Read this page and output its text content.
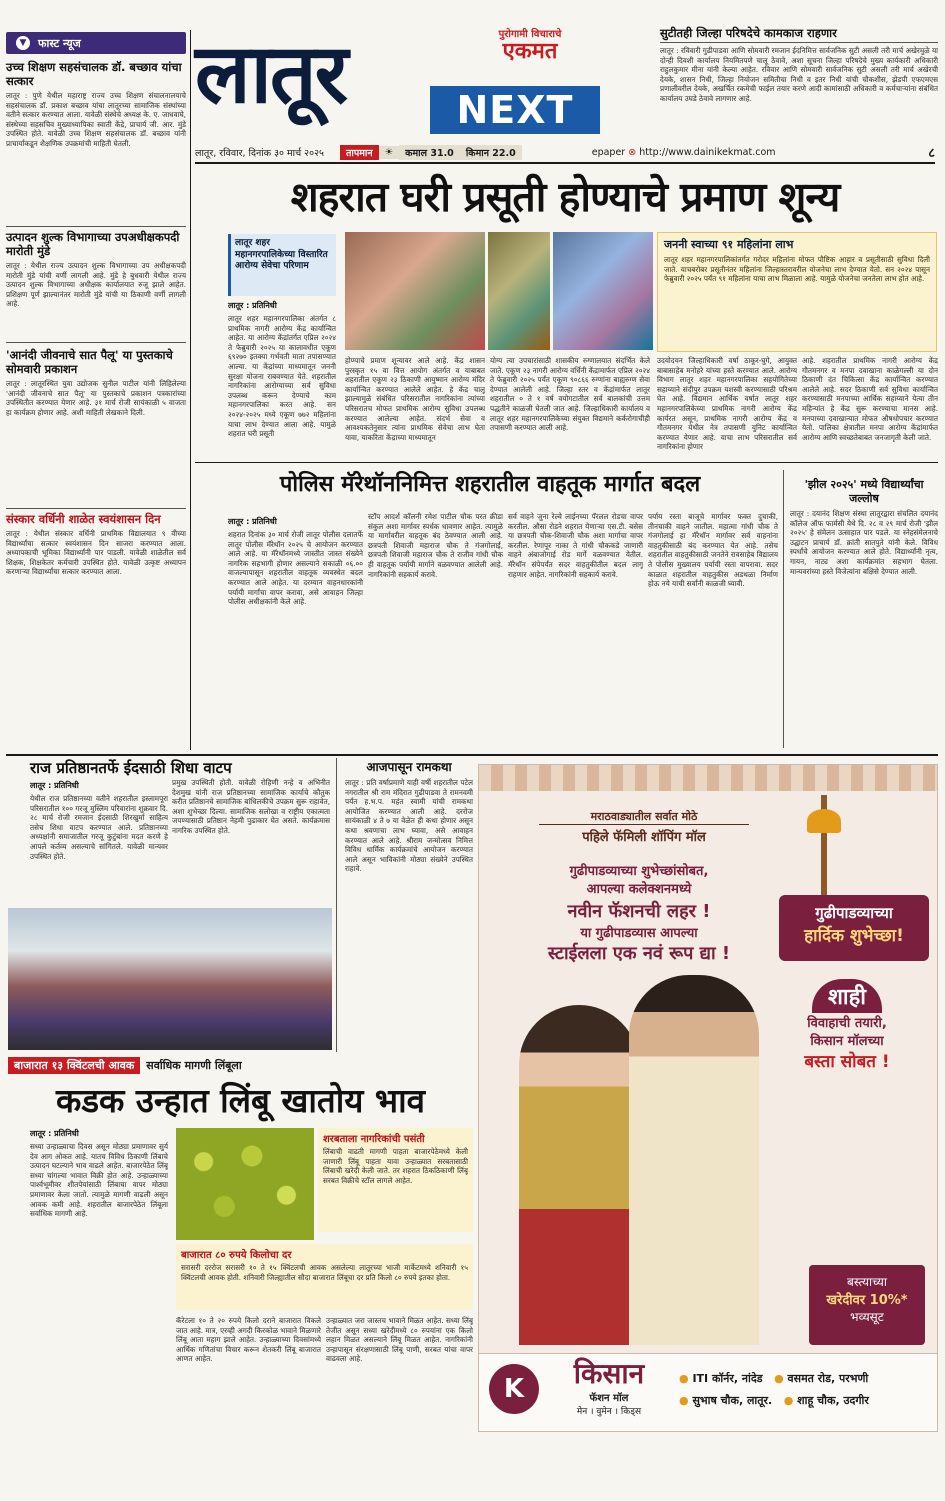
▼	फास्ट न्यूज
उच्च शिक्षण सहसंचालक डॉ. बच्छाव यांचा सत्कार
लातूर : पुणे येथील महाराष्ट्र राज्य उच्च शिक्षण संचालनालयाचे सहसंचालक डॉ. प्रकाश बच्छाव यांचा लातूरच्या सामाजिक संस्थांच्या वतीने सत्कार करण्यात आला. यावेळी संस्थेचे अध्यक्ष के. ए. जाधवाघे, संस्थेच्या सहसचिव मुख्याध्यापिका स्वाती केंद्रे, प्राचार्य जी. आर. मुंडे उपस्थित होते. यावेळी उच्च शिक्षण सहसंचालक डॉ. बच्छाव यांनी प्राचार्यांकडून शैक्षणिक उपक्रमांची माहिती घेतली.
उत्पादन शुल्क विभागाच्या उपअधीक्षकपदी मारोती मुंडे
लातूर : येथील राज्य उत्पादन शुल्क विभागाच्या उप अधीक्षकपदी मारोती मुंडे यांची वर्णी लागली आहे. मुंडे हे बुधवारी येथील राज्य उत्पादन शुल्क विभागाच्या अधीक्षक कार्यालयात रुजू झाले आहेत. प्रशिक्षण पूर्ण झाल्यानंतर मारोती मुंडे यांची या ठिकाणी वर्णी लागली आहे.
'आनंदी जीवनाचे सात पैलू' या पुस्तकाचे सोमवारी प्रकाशन
लातूर : लातूरस्थित युवा उद्योजक सुनील पाटील यांनी लिहिलेल्या 'आनंदी जीवनाचे सात पैलू' या पुस्तकाचे प्रकाशन पत्रकारांच्या उपस्थितीत करण्यात येणार आहे. ३१ मार्च रोजी सायंकाळी ५ वाजता हा कार्यक्रम होणार आहे. अशी माहिती लेखकाने दिली.
संस्कार वर्धिनी शाळेत स्वयंशासन दिन
लातूर : येथील संस्कार वर्धिनी प्राथमिक विद्यालयात ९ वीच्या विद्यार्थ्यांचा सत्कार स्वयंशासन दिन साजरा करण्यात आला. अध्यापकाची भूमिका विद्यार्थ्यांनी पार पाडली. यावेळी शाळेतील सर्व शिक्षक, शिक्षकेतर कर्मचारी उपस्थित होते. यावेळी उत्कृष्ट अध्यापन करणाऱ्या विद्यार्थ्यांचा सत्कार करण्यात आला.
लातूर	पुरोगामी विचाराचे
एकमत
NEXT
लातूर, रविवार, दिनांक ३० मार्च २०२५	तापमान	☀	कमाल 31.0	किमान 22.0	epaper ⊗ http://www.dainikekmat.com	८
सुटीतही जिल्हा परिषदेचे कामकाज राहणार
लातूर : रविवारी गुढीपाडवा आणि सोमवारी रमजान ईदनिमित्त सार्वजनिक सुटी असली तरी मार्च अखेरमुळे या दोन्ही दिवशी कार्यालय नियमितपणे चालू ठेवावे, अशा सूचना जिल्हा परिषदेचे मुख्य कार्यकारी अधिकारी राहुलकुमार मीना यांनी केल्या आहेत. रविवार आणि सोमवारी सार्वजनिक सुटी असली तरी मार्च अखेरची देयके, शासन निधी, जिल्हा नियोजन समितीचा निधी व इतर निधी यांची चौकशीस, झेडपी एफएमएस प्रणालीवरील देयके, अखर्चित रकमेची फाईल तयार करणे आदी कामांसाठी अधिकारी व कर्मचाऱ्यांना संबंधित कार्यालय उघडे ठेवावे लागणार आहे.
शहरात घरी प्रसूती होण्याचे प्रमाण शून्य
लातूर शहर महानगरपालिकेच्या विस्तारित आरोग्य सेवेचा परिणाम
जननी स्वाच्या ९१ महिलांना लाभ
लातूर शहर महानगरपालिकांतर्गत गरोदर महिलांना मोफत पौष्टिक आहार व प्रसूतीसाठी सुविधा दिली जाते. याचबरोबर प्रसूतीनंतर महिलांना जिल्हास्तरावरील योजनेचा लाभ देण्यात येतो. सन २०२४ पासून फेब्रुवारी २०२५ पर्यंत ९१ महिलांना याचा लाभ मिळाला आहे. यामुळे योजनेचा जनतेला लाभ होत आहे.
लातूर : प्रतिनिधी
लातूर शहर महानगरपालिका अंतर्गत ८ प्राथमिक नागरी आरोग्य केंद्र कार्यान्वित आहेत. या आरोग्य केंद्रांतर्गत एप्रिल २०२४ ते फेब्रुवारी २०२५ या कालावधीत एकूण ६९२७० इतक्या गर्भवती माता तपासण्यात आल्या. या केंद्रांच्या माध्यमातून जननी सुरक्षा योजना राबवण्यात येते. शहरातील नागरिकांना आरोग्याच्या सर्व सुविधा उपलब्ध करून देण्याचे काम महानगरपालिका करत आहे. सन २०२४-२०२५ मध्ये एकूण ७७२ महिलांना याचा लाभ देण्यात आला आहे. यामुळे शहरात घरी प्रसूती
होण्याचे प्रमाण शून्यावर आले आहे. केंद्र शासन पुरस्कृत १५ वा वित्त आयोग अंतर्गत व याबाबत शहरातील एकूण २३ ठिकाणी आयुष्मान आरोग्य मंदिर कार्यान्वित करण्यात आलेले आहेत. हे केंद्र चालू झाल्यामुळे संबंधित परिसरातील नागरिकांना त्यांच्या परिसरातच मोफत प्राथमिक आरोग्य सुविधा उपलब्ध करण्यात आलेल्या आहेत. संदर्भ सेवा व आवश्यकतेनुसार त्यांना प्राथमिक सेवेचा लाभ घेता यावा, याकरिता केंद्राच्या माध्यमातून
योग्य त्या उपचारांसाठी शासकीय रुग्णालयात संदर्भित केले जाते. एकूण २३ नागरी आरोग्य वर्धिनी केंद्रामार्फत एप्रिल २०२४ ते फेब्रुवारी २०२५ पर्यंत एकूण ९०८६६ रुग्णांना बाह्यरुग्ण सेवा देण्यात आलेली आहे. जिल्हा स्तर व केंद्रांमार्फत लातूर शहरातील ० ते १ वर्ष वयोगटातील सर्व बालकांची उत्तम पद्धतीने काळजी घेतली जात आहे. जिल्हाधिकारी कार्यालय व लातूर शहर महानगरपालिकेच्या संयुक्त विद्यमाने कर्करोगाचीही तपासणी करण्यात आली आहे.
उदयोदयन जिल्हाधिकारी वर्षा ठाकूर-घुगे, आयुक्त बाबासाहेब मनोहरे यांच्या हस्ते करण्यात आले. आरोग्य विभाग लातूर शहर महानगरपालिका सहयोगितेच्या सहाय्याने संदीपुर उपक्रम यशस्वी करण्यासाठी परिश्रम घेत आहे. विद्यमान आर्थिक वर्षात लातूर शहर महानगरपालिकेच्या प्राथमिक नागरी आरोग्य केंद्र कार्यरत असून, प्राथमिक नागरी आरोग्य केंद्र व गौतमनगर येथील नेत्र तपासणी युनिट कार्यान्वित करण्यात येणार आहे. याचा लाभ परिसरातील सर्व नागरिकांना होणार
आहे. शहरातील प्राथमिक नागरी आरोग्य केंद्र गौतमनगर व मनपा दवाखाना काळेगल्ली या दोन ठिकाणी दंत चिकित्सा केंद्र कार्यान्वित करण्यात आलेले आहे. सदर ठिकाणी सर्व सुविधा कार्यान्वित करण्यासाठी मनपाच्या आर्थिक सहाय्याने येत्या तीन महिन्यांत हे केंद्र सुरू करण्याचा मानस आहे. मनपाच्या दवाखान्यात मोफत औषधोपचार करण्यात येतो. पालिका क्षेत्रातील मनपा आरोग्य केंद्रांमार्फत आरोग्य आणि स्वच्छतेबाबत जनजागृती केली जाते.
पोलिस मॅरेथॉननिमित्त शहरातील वाहतूक मार्गात बदल
लातूर : प्रतिनिधी
शहरात दिनांक ३० मार्च रोजी लातूर पोलीस दलातर्फे लातूर पोलीस मॅरेथॉन २०२५ चे आयोजन करण्यात आले आहे. या मॅरेथॉनमध्ये जास्तीत जास्त संख्येने नागरिक सहभागी होणार असल्याने सकाळी ०६.०० वाजल्यापासून शहरातील वाहतूक व्यवस्थेत बदल करण्यात आले आहेत. या दरम्यान वाहनधारकांनी पर्यायी मार्गांचा वापर करावा, असे आवाहन जिल्हा पोलीस अधीक्षकांनी केले आहे.
स्टॉप आदर्श कॉलनी रमेश पाटील चौक परत क्रीडा संकुल अशा मार्गावर स्पर्धक धावणार आहेत. त्यामुळे या मार्गावरील वाहतूक बंद ठेवण्यात आली आहे. छत्रपती शिवाजी महाराज चौक ते गंजगोलाई, छत्रपती शिवाजी महाराज चौक ते राजीव गांधी चौक ही वाहतूक पर्यायी मार्गाने वळवण्यात आलेली आहे. नागरिकांनी सहकार्य करावे.
सर्व वाहने जुना रेल्वे लाईनच्या पॅरलल रोडचा वापर करतील. औसा रोडने शहरात येणाऱ्या एस.टी. बसेस या छत्रपती चौक-शिवाजी चौक अशा मार्गाचा वापर करतील. रेणापूर नाका ते गांधी चौककडे जाणारी वाहने अंबाजोगाई रोड मार्गे वळवण्यात येतील. मॅरेथॉन संपेपर्यंत सदर वाहतुकीतील बदल लागू राहणार आहेत. नागरिकांनी सहकार्य करावे.
पर्याय रस्ता बाजूचे मार्गावर फक्त दुचाकी, तीनचाकी वाहने जातील. महात्मा गांधी चौक ते गंजगोलाई हा मॅरेथॉन मार्गावर सर्व वाहनांना वाहतुकीसाठी बंद करण्यात येत आहे. तसेच शहरातील वाहतुकीसाठी जनतेने रावसाहेब विद्यालय ते पोलीस मुख्यालय पर्यायी रस्ता वापरावा. सदर काळात शहरातील वाहतुकीस अडथळा निर्माण होऊ नये याची सर्वांनी काळजी घ्यावी.
'झील २०२५' मध्ये विद्यार्थ्यांचा जल्लोष
लातूर : दयानंद शिक्षण संस्था लातूरद्वारा संचलित दयानंद कॉलेज ऑफ फार्मसी येथे दि. २८ व २९ मार्च रोजी 'झील २०२५' हे संमेलन उत्साहात पार पडले. या स्नेहसंमेलनाचे उद्घाटन प्राचार्य डॉ. क्रांती सातपुते यांनी केले. विविध स्पर्धांचे आयोजन करण्यात आले होते. विद्यार्थ्यांनी नृत्य, गायन, नाट्य अशा कार्यक्रमांत सहभाग घेतला. मान्यवरांच्या हस्ते विजेत्यांना बक्षिसे देण्यात आली.
राज प्रतिष्ठानतर्फे ईदसाठी शिधा वाटप
लातूर : प्रतिनिधी
येथील राज प्रतिष्ठानच्या वतीने शहरातील इस्लामपूरा परिसरातील १०० गरजू मुस्लिम परिवारांना शुक्रवार दि. २८ मार्च रोजी रमजान ईदसाठी शिरखुर्मा साहित्य तसेच शिधा वाटप करण्यात आले. प्रतिष्ठानच्या अध्यक्षांनी समाजातील गरजू कुटुंबांना मदत करणे हे आपले कर्तव्य असल्याचे सांगितले. यावेळी मान्यवर उपस्थित होते.
प्रमुख उपस्थिती होती. यावेळी रोहिणी नन्हे व अभिनीत देशमुख यांनी राज प्रतिष्ठानच्या सामाजिक कार्याचे कौतुक करीत प्रतिष्ठानचे सामाजिक बांधिलकीचे उपक्रम सुरू राहावेत, अशा शुभेच्छा दिल्या. सामाजिक सलोखा व राष्ट्रीय एकात्मता जपण्यासाठी प्रतिष्ठान नेहमी पुढाकार घेत असते. कार्यक्रमास नागरिक उपस्थित होते.
आजपासून रामकथा
लातूर : प्रति वर्षाप्रमाणे याही वर्षी शहरातील पटेल नगरातील श्री राम मंदिरात गुढीपाडवा ते रामनवमी पर्यंत ह.भ.प. महंत स्वामी यांची रामकथा आयोजित करण्यात आली आहे. दररोज सायंकाळी ४ ते ७ या वेळेत ही कथा होणार असून कथा श्रवणाचा लाभ घ्यावा, असे आवाहन करण्यात आले आहे. श्रीराम जन्मोत्सव निमित्त विविध धार्मिक कार्यक्रमांचे आयोजन करण्यात आले असून भाविकांनी मोठ्या संख्येने उपस्थित राहावे.
बाजारात १३ क्विंटलची आवक	सर्वाधिक मागणी लिंबूला
कडक उन्हात लिंबू खातोय भाव
लातूर : प्रतिनिधी
सध्या उन्हाळ्याचा दिवस असून मोठ्या प्रमाणावर सुर्य देव आग ओकत आहे. यातच विविध ठिकाणी लिंबाचे उत्पादन घटल्याने भाव वाढले आहेत. बाजारपेठेत लिंबू सध्या चांगल्या भावात विक्री होत आहे. उन्हाळ्याच्या पार्श्वभूमीवर शीतपेयांसाठी लिंबाचा वापर मोठ्या प्रमाणावर केला जातो. त्यामुळे मागणी वाढली असून आवक कमी आहे. शहरातील बाजारपेठेत लिंबूला सर्वाधिक मागणी आहे.
शरबताला नागरिकांची पसंती
लिंबाची वाढती मागणी पाहता बाजारपेठेमध्ये केली जाणारी लिंबू पाहता यावा उन्हाळ्यात सरबतासाठी लिंबाची खरेदी केली जाते. तर शहरात ठिकठिकाणी लिंबू सरबत विक्रीचे स्टॉल लागले आहेत.
बाजारात ८० रुपये किलोचा दर
सरासरी दररोज सरासरी १० ते १५ क्विंटलची आवक असलेल्या लातूरच्या भाजी मार्केटमध्ये शनिवारी १५ क्विंटलची आवक होती. शनिवारी जिल्ह्यातील सौदा बाजारात लिंबूचा दर प्रति किलो ८० रुपये इतका होता.
कॅरेटला १० ते २० रुपये किलो दराने बाजारात विकले जात आहे. मात्र, एरव्ही अगदी किरकोळ भावाने मिळणारे लिंबू आता महाग झाले आहेत. उन्हाळ्याच्या दिवसांमध्ये आर्थिक गणितांचा विचार करून शेतकरी लिंबू बाजारात आणत आहेत.
उन्हाळ्यात जरा जास्तच भावाने मिळत आहेत. सध्या लिंबू तेजीत असून सध्या खरेदीमध्ये ८० रुपयांना एक किलो लहान मिळत असल्याने लिंबू मिळत आहेत. नागरिकांनी उन्हापासून संरक्षणासाठी लिंबू पाणी, सरबत यांचा वापर वाढवला आहे.
मराठवाड्यातील सर्वात मोठे
पहिले फॅमिली शॉपिंग मॉल
गुढीपाडव्याच्या शुभेच्छांसोबत,
आपल्या कलेक्शनमध्ये
नवीन फॅशनची लहर !
या गुढीपाडव्यास आपल्या
स्टाईलला एक नवं रूप द्या !
गुढीपाडव्याच्या
हार्दिक शुभेच्छा!
शाही
विवाहाची तयारी,
किसान मॉलच्या
बस्ता सोबत !
बस्त्याच्या
खरेदीवर 10%*
भव्यसूट
K	किसान
फॅशन मॉल
मेन । वुमेन । किड्स
● ITI कॉर्नर, नांदेड ● वसमत रोड, परभणी
● सुभाष चौक, लातूर. ● शाहू चौक, उदगीर
